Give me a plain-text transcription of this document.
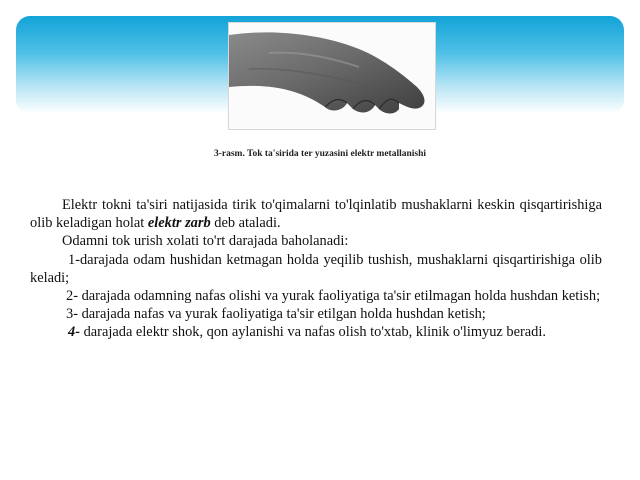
3-rasm. Tok ta'sirida ter yuzasini elektr metallanishi

Elektr tokni ta'siri natijasida tirik to'qimalarni to'lqinlatib mushaklarni keskin qisqartirishiga olib keladigan holat elektr zarb deb ataladi.

Odamni tok urish xolati to'rt darajada baholanadi:

1-darajada odam hushidan ketmagan holda yeqilib tushish, mushaklarni qisqartirishiga olib keladi;

2- darajada odamning nafas olishi va yurak faoliyatiga ta'sir etilmagan holda hushdan ketish;

3- darajada nafas va yurak faoliyatiga ta'sir etilgan holda hushdan ketish;

4- darajada elektr shok, qon aylanishi va nafas olish to'xtab, klinik o'limyuz beradi.
